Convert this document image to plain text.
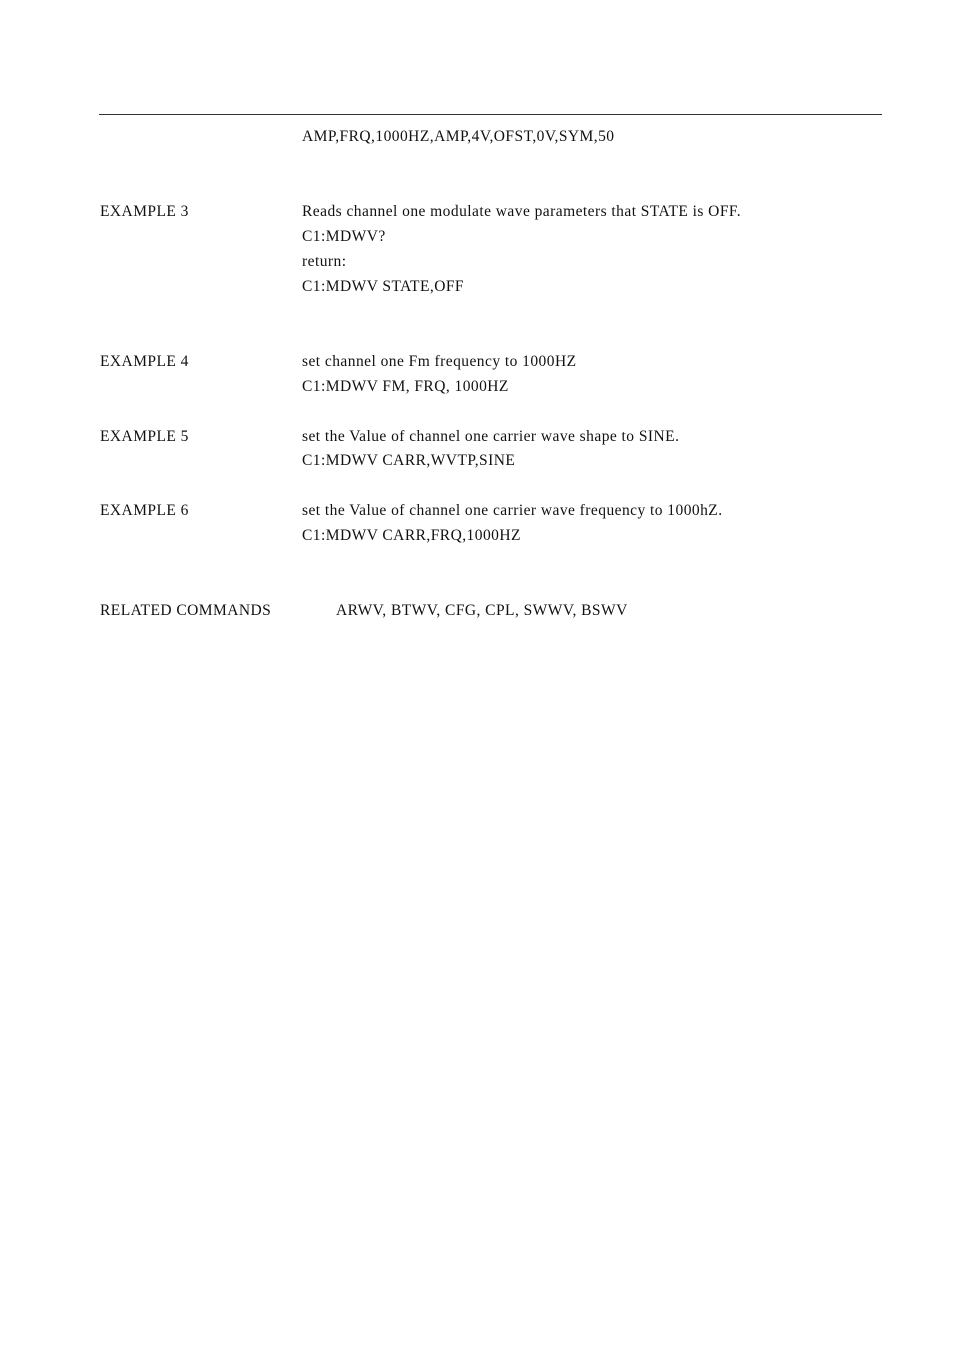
AMP,FRQ,1000HZ,AMP,4V,OFST,0V,SYM,50
EXAMPLE 3	Reads channel one modulate wave parameters that STATE is OFF.
C1:MDWV?
return:
C1:MDWV STATE,OFF
EXAMPLE 4	set channel one Fm frequency to 1000HZ
C1:MDWV FM, FRQ, 1000HZ
EXAMPLE 5	set the Value of channel one carrier wave shape to SINE.
C1:MDWV CARR,WVTP,SINE
EXAMPLE 6	set the Value of channel one carrier wave frequency to 1000hZ.
C1:MDWV CARR,FRQ,1000HZ
RELATED COMMANDS	ARWV, BTWV, CFG, CPL, SWWV, BSWV
